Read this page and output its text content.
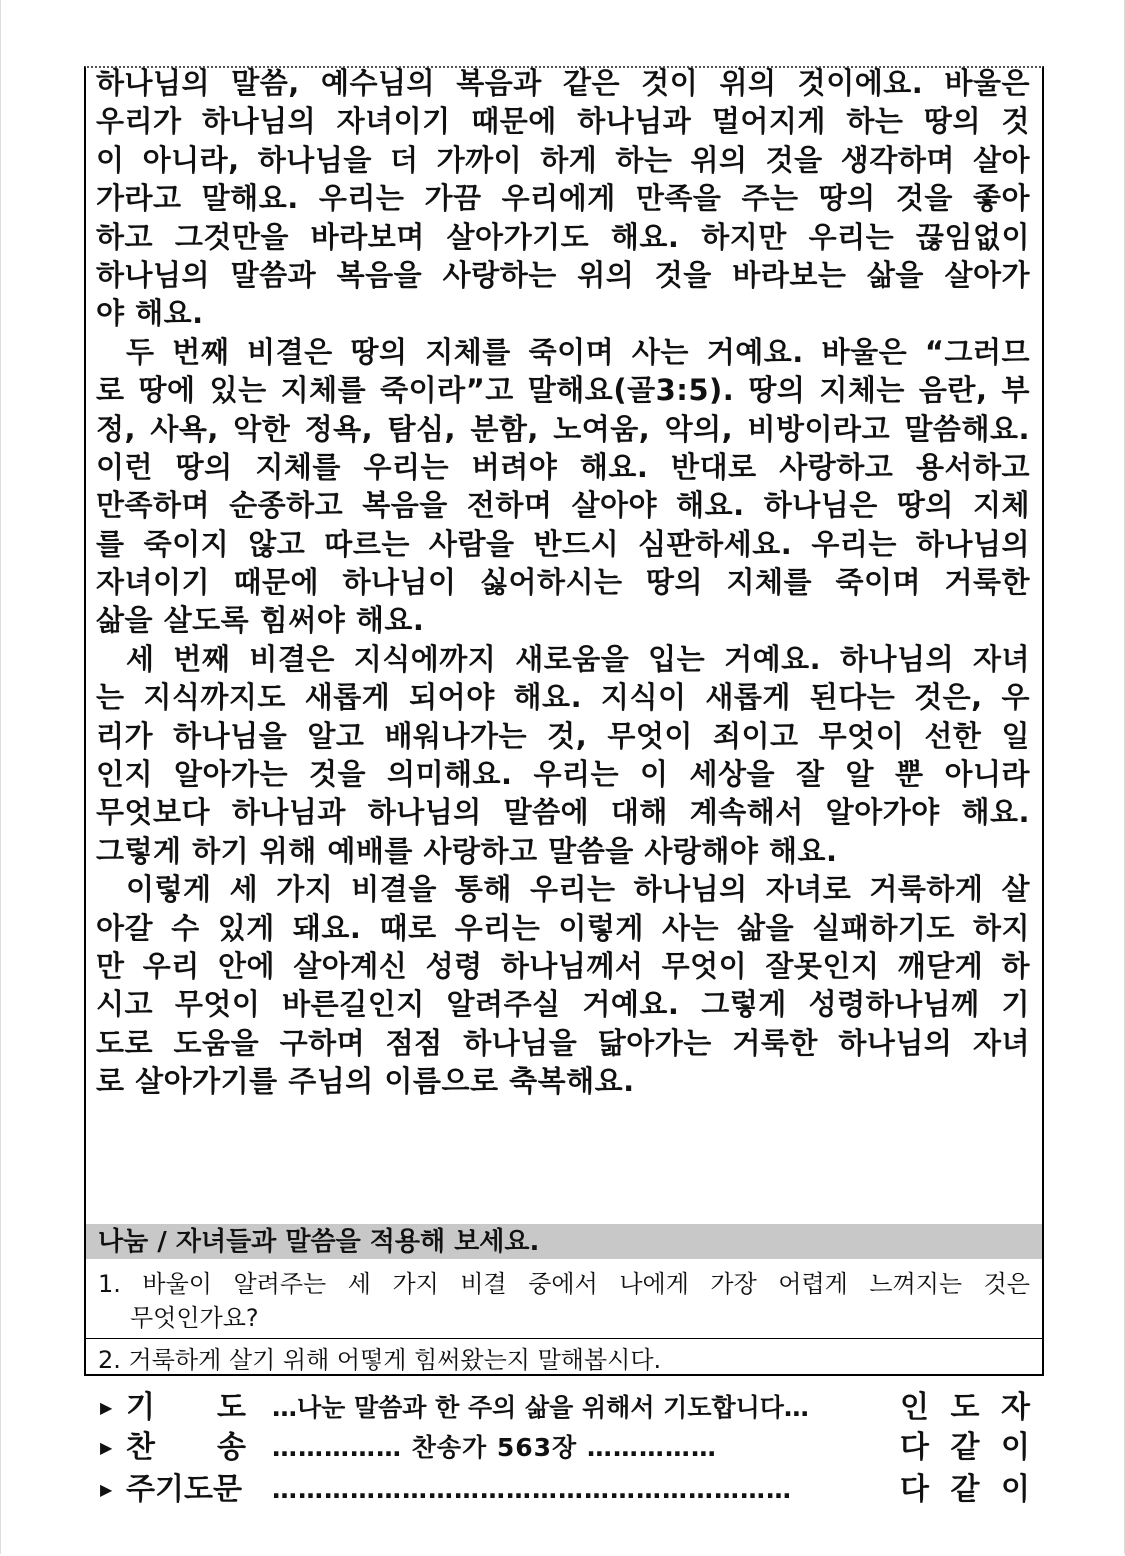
하나님의 말씀, 예수님의 복음과 같은 것이 위의 것이에요. 바울은
우리가 하나님의 자녀이기 때문에 하나님과 멀어지게 하는 땅의 것
이 아니라, 하나님을 더 가까이 하게 하는 위의 것을 생각하며 살아
가라고 말해요. 우리는 가끔 우리에게 만족을 주는 땅의 것을 좋아
하고 그것만을 바라보며 살아가기도 해요. 하지만 우리는 끊임없이
하나님의 말씀과 복음을 사랑하는 위의 것을 바라보는 삶을 살아가
야 해요.
두 번째 비결은 땅의 지체를 죽이며 사는 거예요. 바울은 “그러므
로 땅에 있는 지체를 죽이라”고 말해요(골3:5). 땅의 지체는 음란, 부
정, 사욕, 악한 정욕, 탐심, 분함, 노여움, 악의, 비방이라고 말씀해요.
이런 땅의 지체를 우리는 버려야 해요. 반대로 사랑하고 용서하고
만족하며 순종하고 복음을 전하며 살아야 해요. 하나님은 땅의 지체
를 죽이지 않고 따르는 사람을 반드시 심판하세요. 우리는 하나님의
자녀이기 때문에 하나님이 싫어하시는 땅의 지체를 죽이며 거룩한
삶을 살도록 힘써야 해요.
세 번째 비결은 지식에까지 새로움을 입는 거예요. 하나님의 자녀
는 지식까지도 새롭게 되어야 해요. 지식이 새롭게 된다는 것은, 우
리가 하나님을 알고 배워나가는 것, 무엇이 죄이고 무엇이 선한 일
인지 알아가는 것을 의미해요. 우리는 이 세상을 잘 알 뿐 아니라
무엇보다 하나님과 하나님의 말씀에 대해 계속해서 알아가야 해요.
그렇게 하기 위해 예배를 사랑하고 말씀을 사랑해야 해요.
이렇게 세 가지 비결을 통해 우리는 하나님의 자녀로 거룩하게 살
아갈 수 있게 돼요. 때로 우리는 이렇게 사는 삶을 실패하기도 하지
만 우리 안에 살아계신 성령 하나님께서 무엇이 잘못인지 깨닫게 하
시고 무엇이 바른길인지 알려주실 거예요. 그렇게 성령하나님께 기
도로 도움을 구하며 점점 하나님을 닮아가는 거룩한 하나님의 자녀
로 살아가기를 주님의 이름으로 축복해요.
나눔 / 자녀들과 말씀을 적용해 보세요.
1. 바울이 알려주는 세 가지 비결 중에서 나에게 가장 어렵게 느껴지는 것은
무엇인가요?
2. 거룩하게 살기 위해 어떻게 힘써왔는지 말해봅시다.
▶ 기 도 …나눈 말씀과 한 주의 삶을 위해서 기도합니다…	인 도 자
▶ 찬 송 …………… 찬송가 563장 ……………	다 같 이
▶ 주기도문 ……………………………………………………	다 같 이
